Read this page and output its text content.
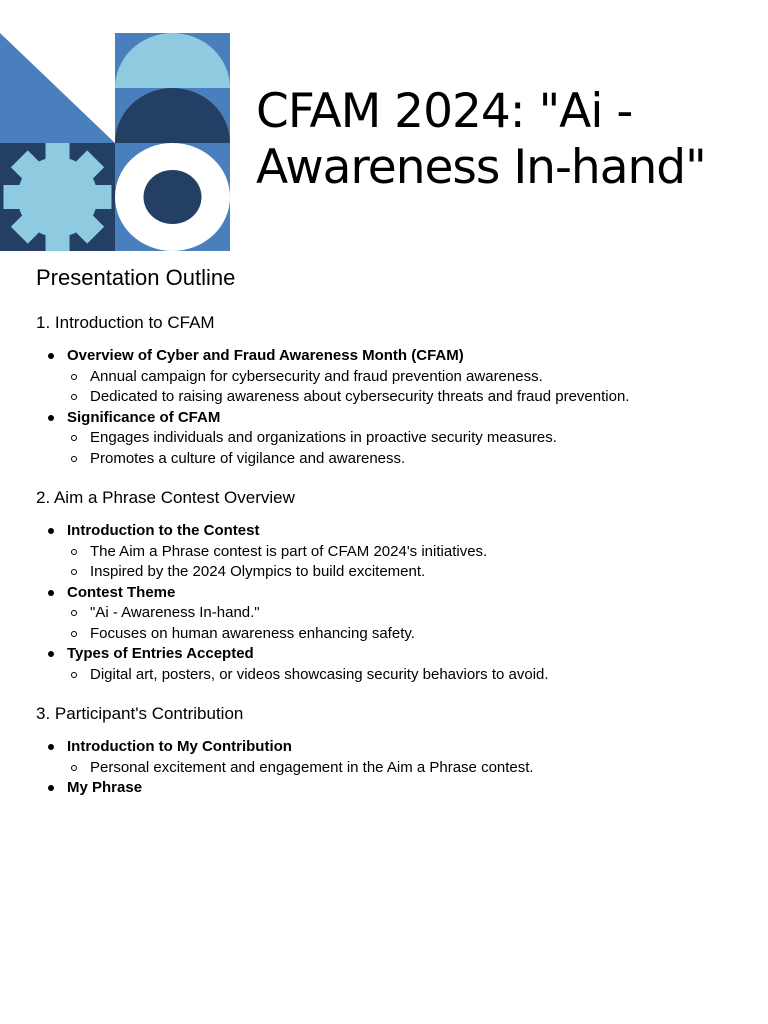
CFAM 2024: "Ai - Awareness In-hand"
Presentation Outline
1. Introduction to CFAM
Overview of Cyber and Fraud Awareness Month (CFAM)
Annual campaign for cybersecurity and fraud prevention awareness.
Dedicated to raising awareness about cybersecurity threats and fraud prevention.
Significance of CFAM
Engages individuals and organizations in proactive security measures.
Promotes a culture of vigilance and awareness.
2. Aim a Phrase Contest Overview
Introduction to the Contest
The Aim a Phrase contest is part of CFAM 2024's initiatives.
Inspired by the 2024 Olympics to build excitement.
Contest Theme
"Ai - Awareness In-hand."
Focuses on human awareness enhancing safety.
Types of Entries Accepted
Digital art, posters, or videos showcasing security behaviors to avoid.
3. Participant's Contribution
Introduction to My Contribution
Personal excitement and engagement in the Aim a Phrase contest.
My Phrase
